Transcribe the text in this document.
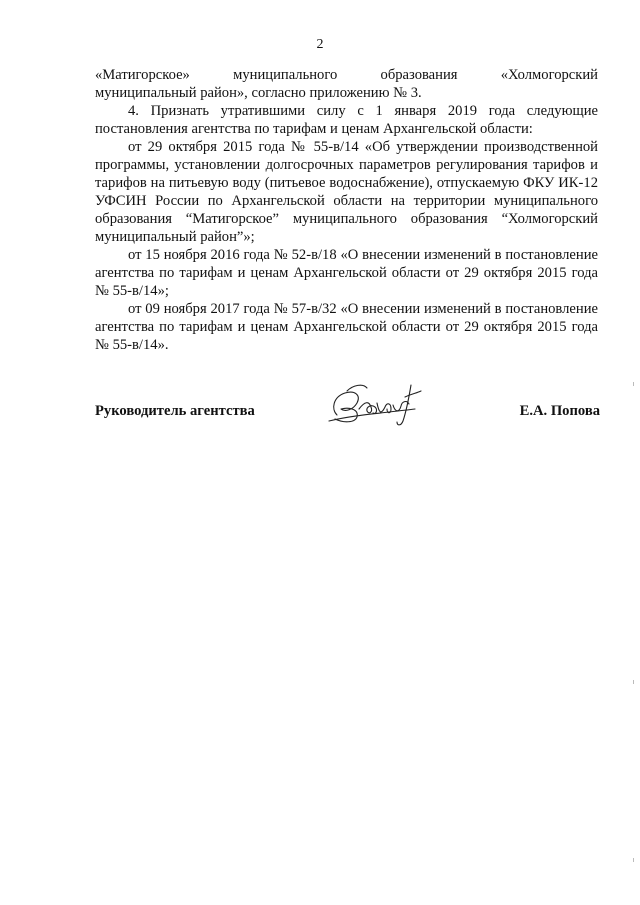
2
«Матигорское»	муниципального	образования	«Холмогорский

муниципальный район», согласно приложению № 3.

4. Признать утратившими силу с 1 января 2019 года следующие постановления агентства по тарифам и ценам Архангельской области:

от 29 октября 2015 года № 55-в/14 «Об утверждении производственной программы, установлении долгосрочных параметров регулирования тарифов и тарифов на питьевую воду (питьевое водоснабжение), отпускаемую ФКУ ИК-12 УФСИН России по Архангельской области на территории муниципального образования “Матигорское” муниципального образования “Холмогорский муниципальный район”»;

от 15 ноября 2016 года № 52-в/18 «О внесении изменений в постановление агентства по тарифам и ценам Архангельской области от 29 октября 2015 года № 55-в/14»;

от 09 ноября 2017 года № 57-в/32 «О внесении изменений в постановление агентства по тарифам и ценам Архангельской области от 29 октября 2015 года № 55-в/14».

Руководитель агентства	Е.А. Попова
